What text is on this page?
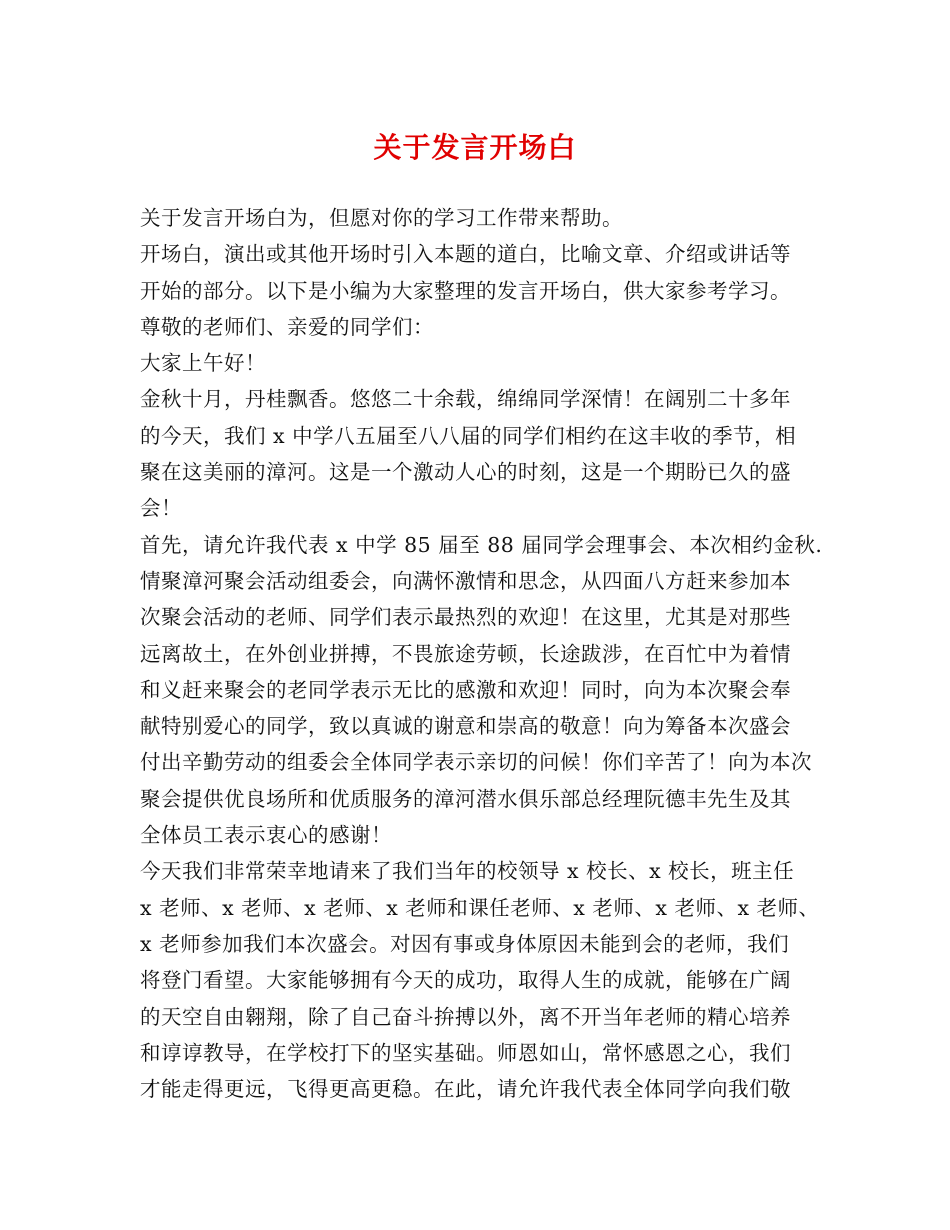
关于发言开场白
关于发言开场白为，但愿对你的学习工作带来帮助。
开场白，演出或其他开场时引入本题的道白，比喻文章、介绍或讲话等
开始的部分。以下是小编为大家整理的发言开场白，供大家参考学习。
尊敬的老师们、亲爱的同学们：
大家上午好！
金秋十月，丹桂飘香。悠悠二十余载，绵绵同学深情！在阔别二十多年
的今天，我们 x 中学八五届至八八届的同学们相约在这丰收的季节，相
聚在这美丽的漳河。这是一个激动人心的时刻，这是一个期盼已久的盛
会！
首先，请允许我代表 x 中学 85 届至 88 届同学会理事会、本次相约金秋.
情聚漳河聚会活动组委会，向满怀激情和思念，从四面八方赶来参加本
次聚会活动的老师、同学们表示最热烈的欢迎！在这里，尤其是对那些
远离故土，在外创业拼搏，不畏旅途劳顿，长途跋涉，在百忙中为着情
和义赶来聚会的老同学表示无比的感激和欢迎！同时，向为本次聚会奉
献特别爱心的同学，致以真诚的谢意和崇高的敬意！向为筹备本次盛会
付出辛勤劳动的组委会全体同学表示亲切的问候！你们辛苦了！向为本次
聚会提供优良场所和优质服务的漳河潜水俱乐部总经理阮德丰先生及其
全体员工表示衷心的感谢！
今天我们非常荣幸地请来了我们当年的校领导 x 校长、x 校长，班主任
x 老师、x 老师、x 老师、x 老师和课任老师、x 老师、x 老师、x 老师、
x 老师参加我们本次盛会。对因有事或身体原因未能到会的老师，我们
将登门看望。大家能够拥有今天的成功，取得人生的成就，能够在广阔
的天空自由翱翔，除了自己奋斗拚搏以外，离不开当年老师的精心培养
和谆谆教导，在学校打下的坚实基础。师恩如山，常怀感恩之心，我们
才能走得更远，飞得更高更稳。在此，请允许我代表全体同学向我们敬
